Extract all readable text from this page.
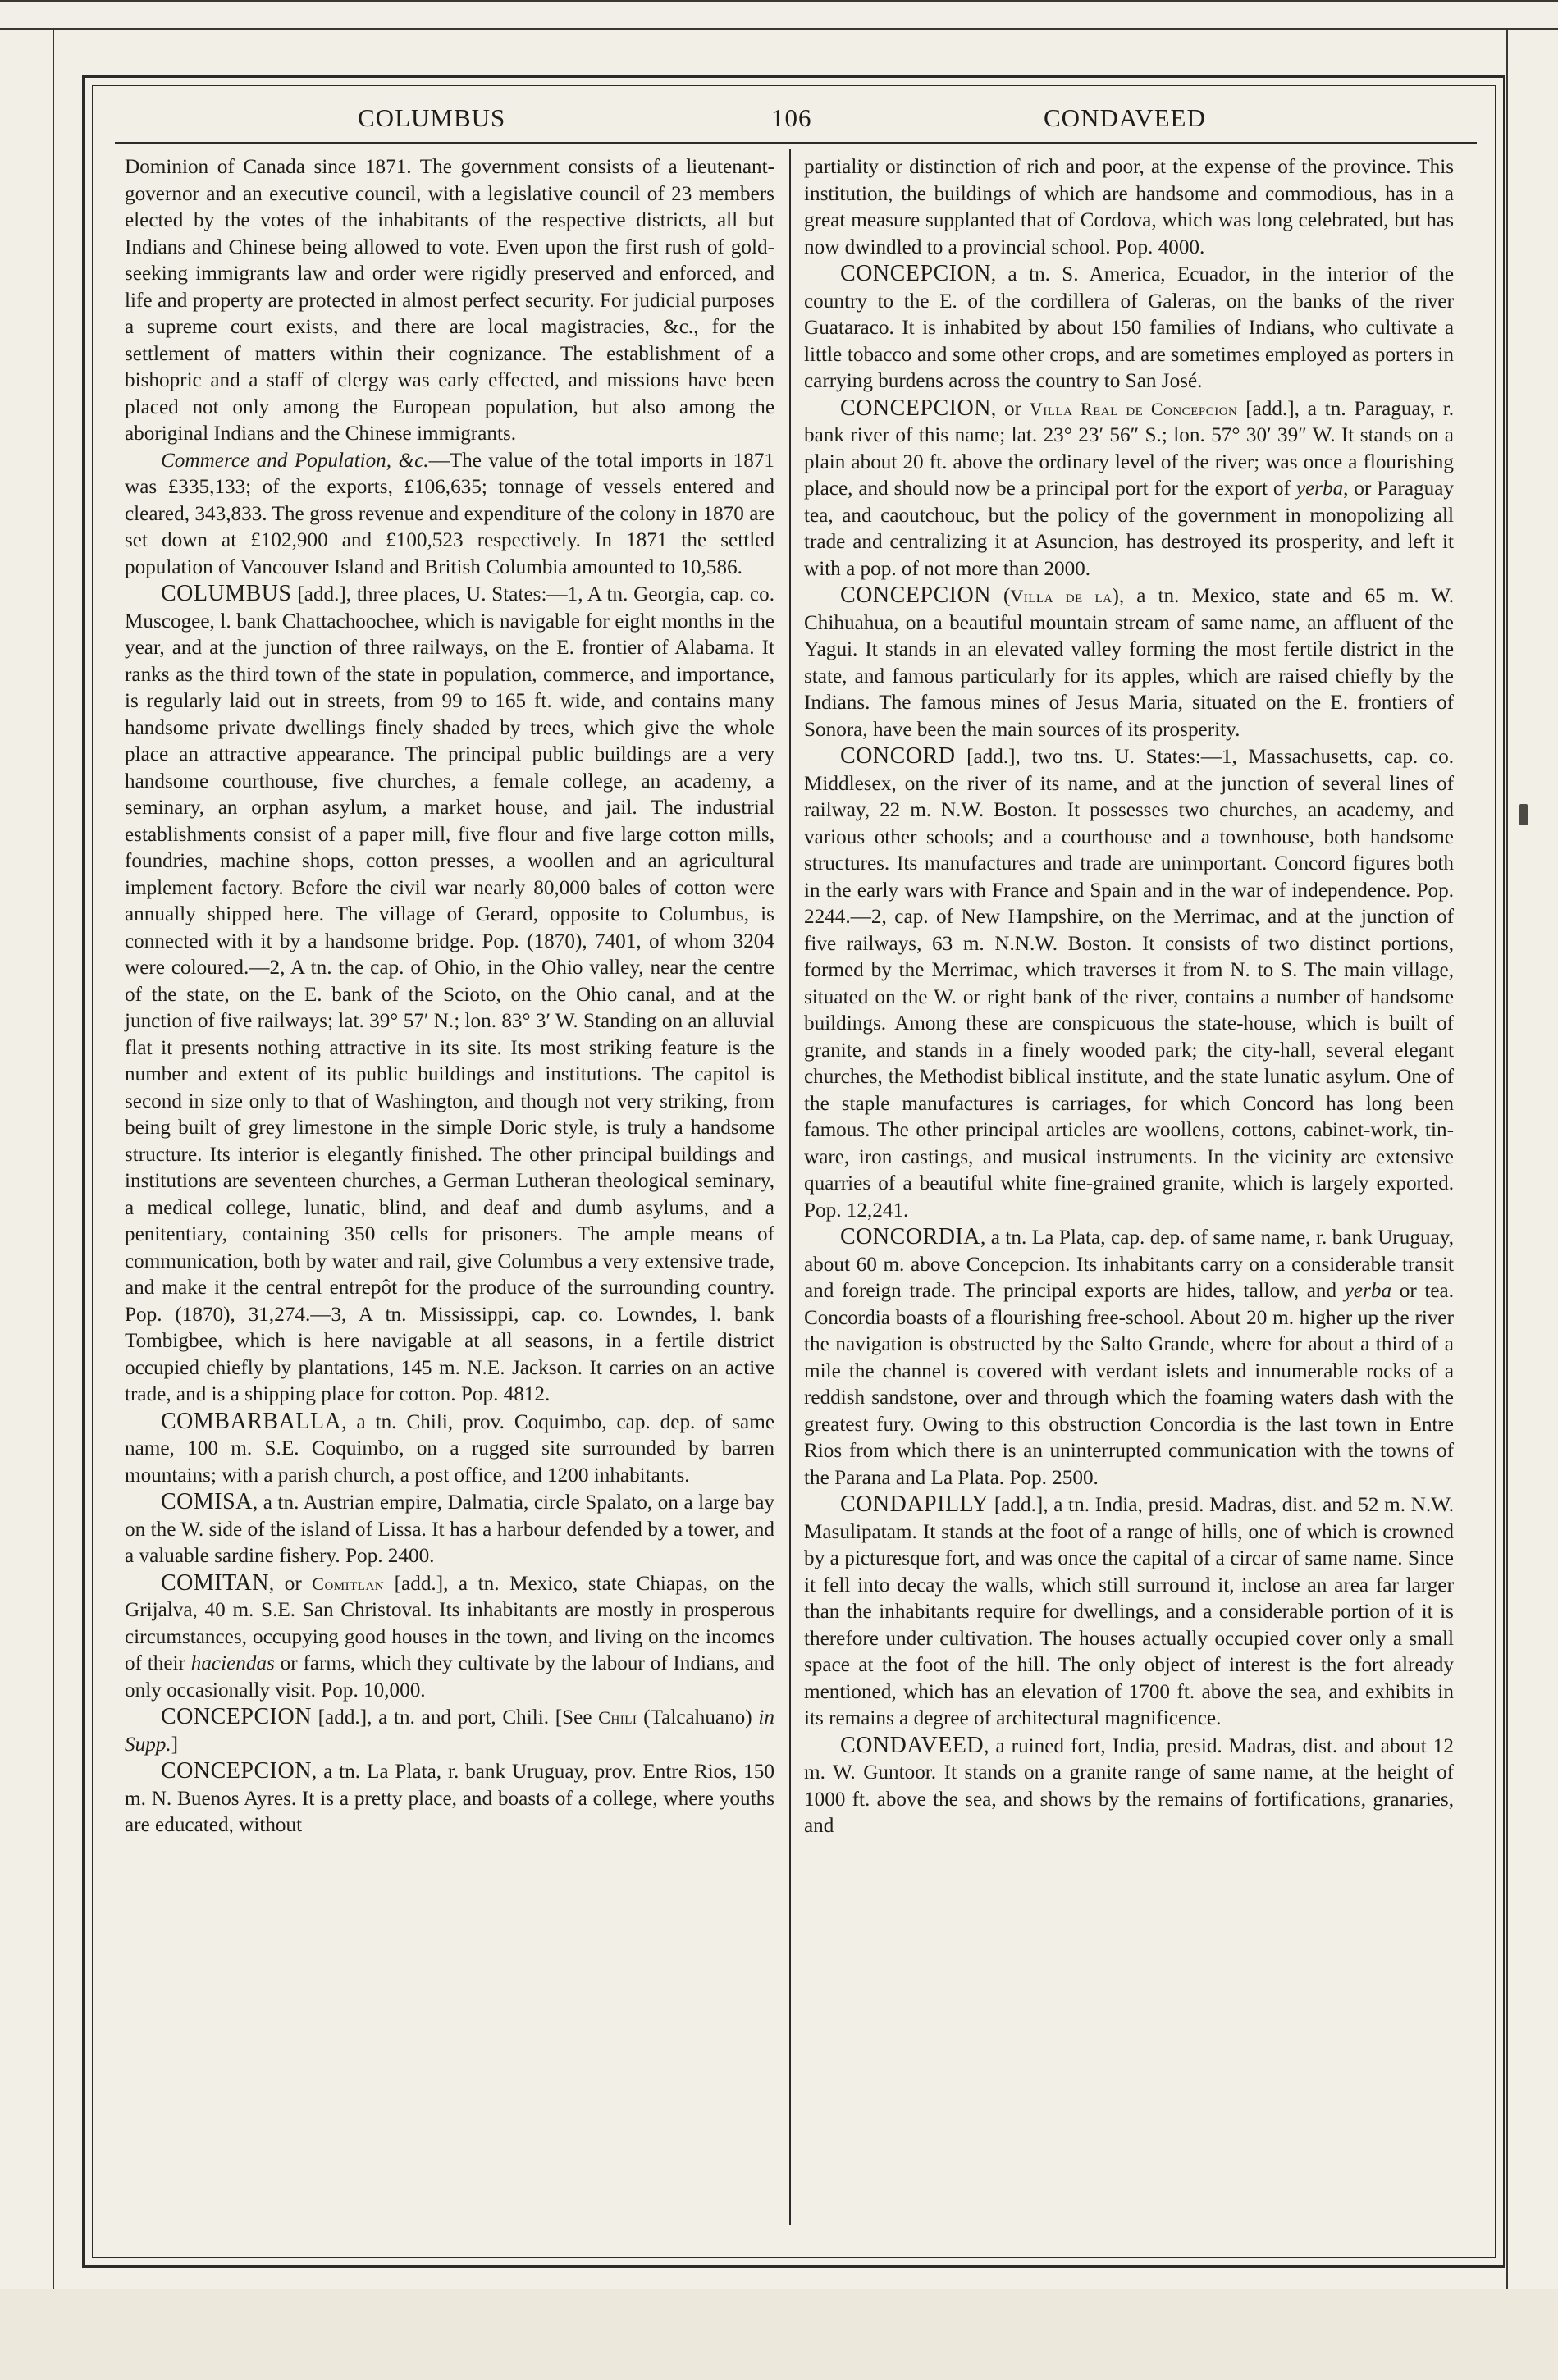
COLUMBUS	106	CONDAVEED

Dominion of Canada since 1871. The government consists of a lieutenant-governor and an executive council, with a legislative council of 23 members elected by the votes of the inhabitants of the respective districts, all but Indians and Chinese being allowed to vote. Even upon the first rush of gold-seeking immigrants law and order were rigidly preserved and enforced, and life and property are protected in almost perfect security. For judicial purposes a supreme court exists, and there are local magistracies, &c., for the settlement of matters within their cognizance. The establishment of a bishopric and a staff of clergy was early effected, and missions have been placed not only among the European population, but also among the aboriginal Indians and the Chinese immigrants.

Commerce and Population, &c.—The value of the total imports in 1871 was £335,133; of the exports, £106,635; tonnage of vessels entered and cleared, 343,833. The gross revenue and expenditure of the colony in 1870 are set down at £102,900 and £100,523 respectively. In 1871 the settled population of Vancouver Island and British Columbia amounted to 10,586.

COLUMBUS [add.], three places, U. States:—1, A tn. Georgia, cap. co. Muscogee, l. bank Chattachoochee, which is navigable for eight months in the year, and at the junction of three railways, on the E. frontier of Alabama. It ranks as the third town of the state in population, commerce, and importance, is regularly laid out in streets, from 99 to 165 ft. wide, and contains many handsome private dwellings finely shaded by trees, which give the whole place an attractive appearance. The principal public buildings are a very handsome courthouse, five churches, a female college, an academy, a seminary, an orphan asylum, a market house, and jail. The industrial establishments consist of a paper mill, five flour and five large cotton mills, foundries, machine shops, cotton presses, a woollen and an agricultural implement factory. Before the civil war nearly 80,000 bales of cotton were annually shipped here. The village of Gerard, opposite to Columbus, is connected with it by a handsome bridge. Pop. (1870), 7401, of whom 3204 were coloured.—2, A tn. the cap. of Ohio, in the Ohio valley, near the centre of the state, on the E. bank of the Scioto, on the Ohio canal, and at the junction of five railways; lat. 39° 57′ N.; lon. 83° 3′ W. Standing on an alluvial flat it presents nothing attractive in its site. Its most striking feature is the number and extent of its public buildings and institutions. The capitol is second in size only to that of Washington, and though not very striking, from being built of grey limestone in the simple Doric style, is truly a handsome structure. Its interior is elegantly finished. The other principal buildings and institutions are seventeen churches, a German Lutheran theological seminary, a medical college, lunatic, blind, and deaf and dumb asylums, and a penitentiary, containing 350 cells for prisoners. The ample means of communication, both by water and rail, give Columbus a very extensive trade, and make it the central entrepôt for the produce of the surrounding country. Pop. (1870), 31,274.—3, A tn. Mississippi, cap. co. Lowndes, l. bank Tombigbee, which is here navigable at all seasons, in a fertile district occupied chiefly by plantations, 145 m. N.E. Jackson. It carries on an active trade, and is a shipping place for cotton. Pop. 4812.

COMBARBALLA, a tn. Chili, prov. Coquimbo, cap. dep. of same name, 100 m. S.E. Coquimbo, on a rugged site surrounded by barren mountains; with a parish church, a post office, and 1200 inhabitants.

COMISA, a tn. Austrian empire, Dalmatia, circle Spalato, on a large bay on the W. side of the island of Lissa. It has a harbour defended by a tower, and a valuable sardine fishery. Pop. 2400.

COMITAN, or Comitlan [add.], a tn. Mexico, state Chiapas, on the Grijalva, 40 m. S.E. San Christoval. Its inhabitants are mostly in prosperous circumstances, occupying good houses in the town, and living on the incomes of their haciendas or farms, which they cultivate by the labour of Indians, and only occasionally visit. Pop. 10,000.

CONCEPCION [add.], a tn. and port, Chili. [See Chili (Talcahuano) in Supp.]

CONCEPCION, a tn. La Plata, r. bank Uruguay, prov. Entre Rios, 150 m. N. Buenos Ayres. It is a pretty place, and boasts of a college, where youths are educated, without

partiality or distinction of rich and poor, at the expense of the province. This institution, the buildings of which are handsome and commodious, has in a great measure supplanted that of Cordova, which was long celebrated, but has now dwindled to a provincial school. Pop. 4000.

CONCEPCION, a tn. S. America, Ecuador, in the interior of the country to the E. of the cordillera of Galeras, on the banks of the river Guataraco. It is inhabited by about 150 families of Indians, who cultivate a little tobacco and some other crops, and are sometimes employed as porters in carrying burdens across the country to San José.

CONCEPCION, or Villa Real de Concepcion [add.], a tn. Paraguay, r. bank river of this name; lat. 23° 23′ 56″ S.; lon. 57° 30′ 39″ W. It stands on a plain about 20 ft. above the ordinary level of the river; was once a flourishing place, and should now be a principal port for the export of yerba, or Paraguay tea, and caoutchouc, but the policy of the government in monopolizing all trade and centralizing it at Asuncion, has destroyed its prosperity, and left it with a pop. of not more than 2000.

CONCEPCION (Villa de la), a tn. Mexico, state and 65 m. W. Chihuahua, on a beautiful mountain stream of same name, an affluent of the Yagui. It stands in an elevated valley forming the most fertile district in the state, and famous particularly for its apples, which are raised chiefly by the Indians. The famous mines of Jesus Maria, situated on the E. frontiers of Sonora, have been the main sources of its prosperity.

CONCORD [add.], two tns. U. States:—1, Massachusetts, cap. co. Middlesex, on the river of its name, and at the junction of several lines of railway, 22 m. N.W. Boston. It possesses two churches, an academy, and various other schools; and a courthouse and a townhouse, both handsome structures. Its manufactures and trade are unimportant. Concord figures both in the early wars with France and Spain and in the war of independence. Pop. 2244.—2, cap. of New Hampshire, on the Merrimac, and at the junction of five railways, 63 m. N.N.W. Boston. It consists of two distinct portions, formed by the Merrimac, which traverses it from N. to S. The main village, situated on the W. or right bank of the river, contains a number of handsome buildings. Among these are conspicuous the state-house, which is built of granite, and stands in a finely wooded park; the city-hall, several elegant churches, the Methodist biblical institute, and the state lunatic asylum. One of the staple manufactures is carriages, for which Concord has long been famous. The other principal articles are woollens, cottons, cabinet-work, tin-ware, iron castings, and musical instruments. In the vicinity are extensive quarries of a beautiful white fine-grained granite, which is largely exported. Pop. 12,241.

CONCORDIA, a tn. La Plata, cap. dep. of same name, r. bank Uruguay, about 60 m. above Concepcion. Its inhabitants carry on a considerable transit and foreign trade. The principal exports are hides, tallow, and yerba or tea. Concordia boasts of a flourishing free-school. About 20 m. higher up the river the navigation is obstructed by the Salto Grande, where for about a third of a mile the channel is covered with verdant islets and innumerable rocks of a reddish sandstone, over and through which the foaming waters dash with the greatest fury. Owing to this obstruction Concordia is the last town in Entre Rios from which there is an uninterrupted communication with the towns of the Parana and La Plata. Pop. 2500.

CONDAPILLY [add.], a tn. India, presid. Madras, dist. and 52 m. N.W. Masulipatam. It stands at the foot of a range of hills, one of which is crowned by a picturesque fort, and was once the capital of a circar of same name. Since it fell into decay the walls, which still surround it, inclose an area far larger than the inhabitants require for dwellings, and a considerable portion of it is therefore under cultivation. The houses actually occupied cover only a small space at the foot of the hill. The only object of interest is the fort already mentioned, which has an elevation of 1700 ft. above the sea, and exhibits in its remains a degree of architectural magnificence.

CONDAVEED, a ruined fort, India, presid. Madras, dist. and about 12 m. W. Guntoor. It stands on a granite range of same name, at the height of 1000 ft. above the sea, and shows by the remains of fortifications, granaries, and
